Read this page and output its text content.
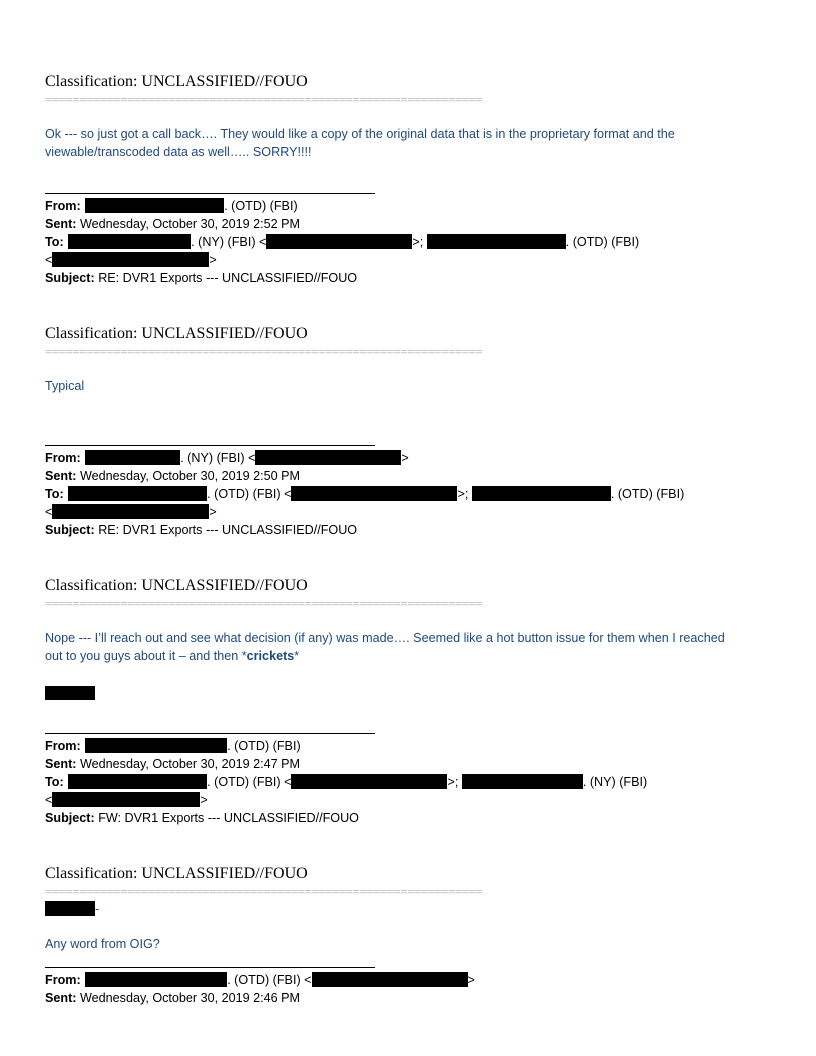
Classification: UNCLASSIFIED//FOUO
================================================================
Ok --- so just got a call back…. They would like a copy of the original data that is in the proprietary format and the
viewable/transcoded data as well….. SORRY!!!!
From:	. (OTD) (FBI)
Sent: Wednesday, October 30, 2019 2:52 PM
To:	. (NY) (FBI) <	>;	. (OTD) (FBI)
<	>
Subject: RE: DVR1 Exports --- UNCLASSIFIED//FOUO
Classification: UNCLASSIFIED//FOUO
================================================================
Typical
From:	. (NY) (FBI) <	>
Sent: Wednesday, October 30, 2019 2:50 PM
To:	. (OTD) (FBI) <	>;	. (OTD) (FBI)
<	>
Subject: RE: DVR1 Exports --- UNCLASSIFIED//FOUO
Classification: UNCLASSIFIED//FOUO
================================================================
Nope --- I’ll reach out and see what decision (if any) was made…. Seemed like a hot button issue for them when I reached
out to you guys about it – and then *crickets*
From:	. (OTD) (FBI)
Sent: Wednesday, October 30, 2019 2:47 PM
To:	. (OTD) (FBI) <	>;	. (NY) (FBI)
<	>
Subject: FW: DVR1 Exports --- UNCLASSIFIED//FOUO
Classification: UNCLASSIFIED//FOUO
================================================================
-
Any word from OIG?
From:	. (OTD) (FBI) <	>
Sent: Wednesday, October 30, 2019 2:46 PM
